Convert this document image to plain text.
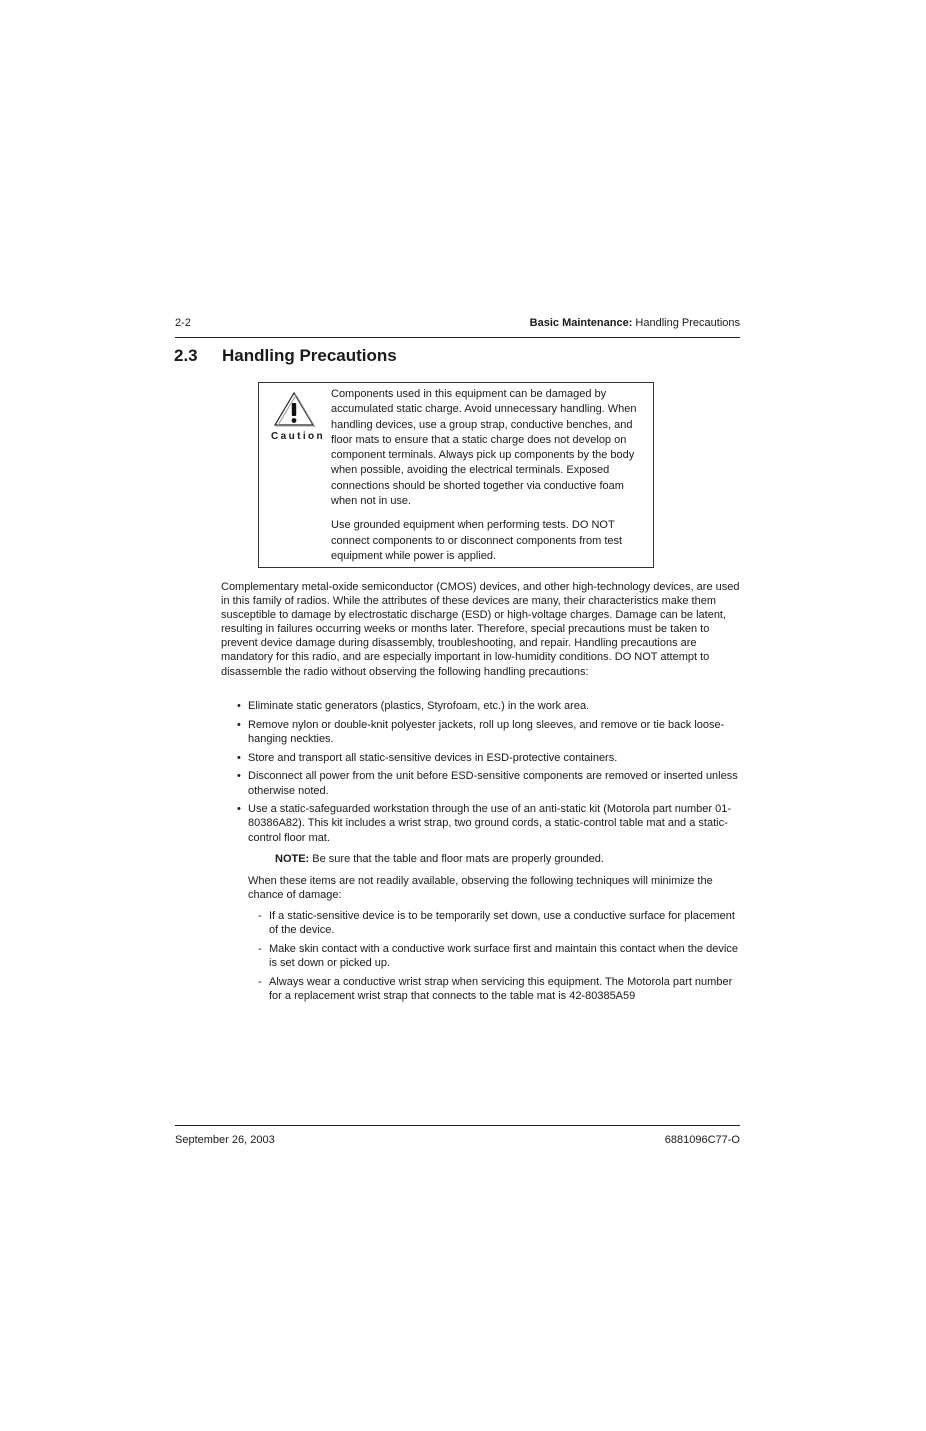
2-2	Basic Maintenance: Handling Precautions
2.3 Handling Precautions
Caution

Components used in this equipment can be damaged by accumulated static charge. Avoid unnecessary handling. When handling devices, use a group strap, conductive benches, and floor mats to ensure that a static charge does not develop on component terminals. Always pick up components by the body when possible, avoiding the electrical terminals. Exposed connections should be shorted together via conductive foam when not in use.

Use grounded equipment when performing tests. DO NOT connect components to or disconnect components from test equipment while power is applied.

Complementary metal-oxide semiconductor (CMOS) devices, and other high-technology devices, are used in this family of radios. While the attributes of these devices are many, their characteristics make them susceptible to damage by electrostatic discharge (ESD) or high-voltage charges. Damage can be latent, resulting in failures occurring weeks or months later. Therefore, special precautions must be taken to prevent device damage during disassembly, troubleshooting, and repair. Handling precautions are mandatory for this radio, and are especially important in low-humidity conditions. DO NOT attempt to disassemble the radio without observing the following handling precautions:

• Eliminate static generators (plastics, Styrofoam, etc.) in the work area.
• Remove nylon or double-knit polyester jackets, roll up long sleeves, and remove or tie back loose-hanging neckties.
• Store and transport all static-sensitive devices in ESD-protective containers.
• Disconnect all power from the unit before ESD-sensitive components are removed or inserted unless otherwise noted.
• Use a static-safeguarded workstation through the use of an anti-static kit (Motorola part number 01-80386A82). This kit includes a wrist strap, two ground cords, a static-control table mat and a static-control floor mat.

NOTE: Be sure that the table and floor mats are properly grounded.

When these items are not readily available, observing the following techniques will minimize the chance of damage:

- If a static-sensitive device is to be temporarily set down, use a conductive surface for placement of the device.
- Make skin contact with a conductive work surface first and maintain this contact when the device is set down or picked up.
- Always wear a conductive wrist strap when servicing this equipment. The Motorola part number for a replacement wrist strap that connects to the table mat is 42-80385A59
September 26, 2003	6881096C77-O
